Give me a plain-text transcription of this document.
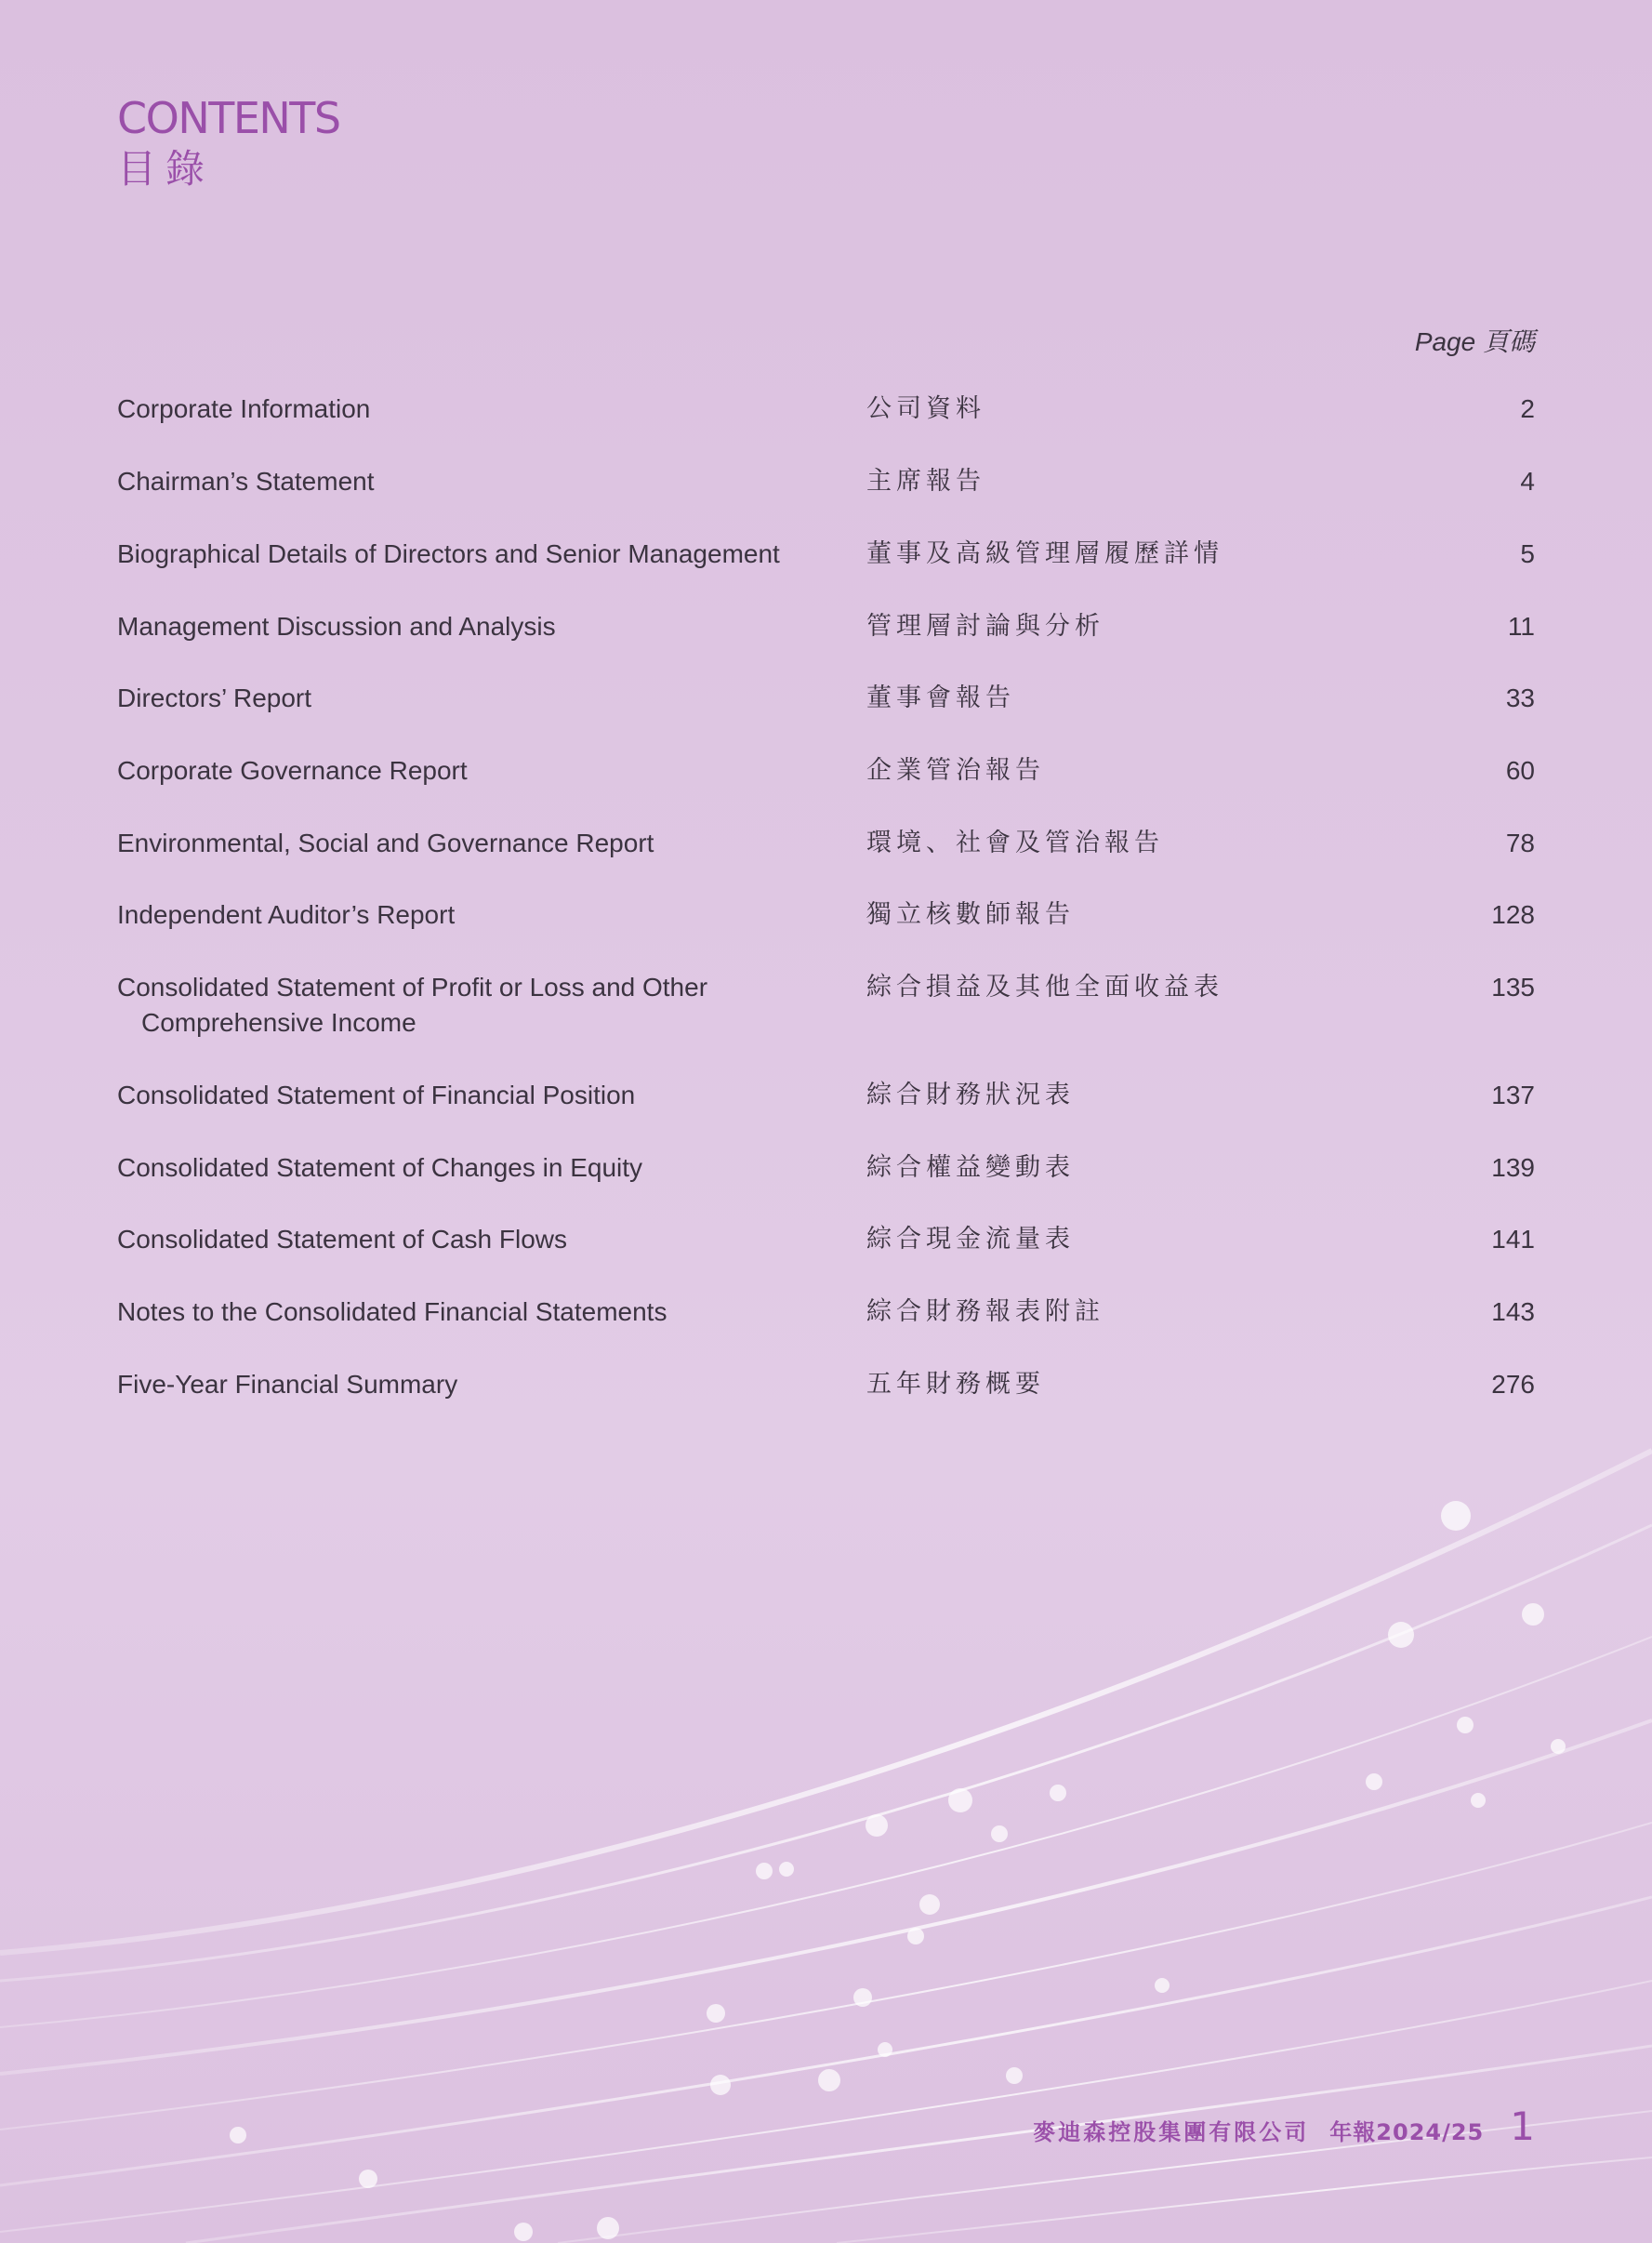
CONTENTS
目錄
Page 頁碼
Corporate Information	公司資料	2
Chairman’s Statement	主席報告	4
Biographical Details of Directors and Senior Management	董事及高級管理層履歷詳情	5
Management Discussion and Analysis	管理層討論與分析	11
Directors’ Report	董事會報告	33
Corporate Governance Report	企業管治報告	60
Environmental, Social and Governance Report	環境、社會及管治報告	78
Independent Auditor’s Report	獨立核數師報告	128
Consolidated Statement of Profit or Loss and Other
Comprehensive Income
綜合損益及其他全面收益表	135
Consolidated Statement of Financial Position	綜合財務狀況表	137
Consolidated Statement of Changes in Equity	綜合權益變動表	139
Consolidated Statement of Cash Flows	綜合現金流量表	141
Notes to the Consolidated Financial Statements	綜合財務報表附註	143
Five-Year Financial Summary	五年財務概要	276
麥迪森控股集團有限公司 年報2024/25 1
